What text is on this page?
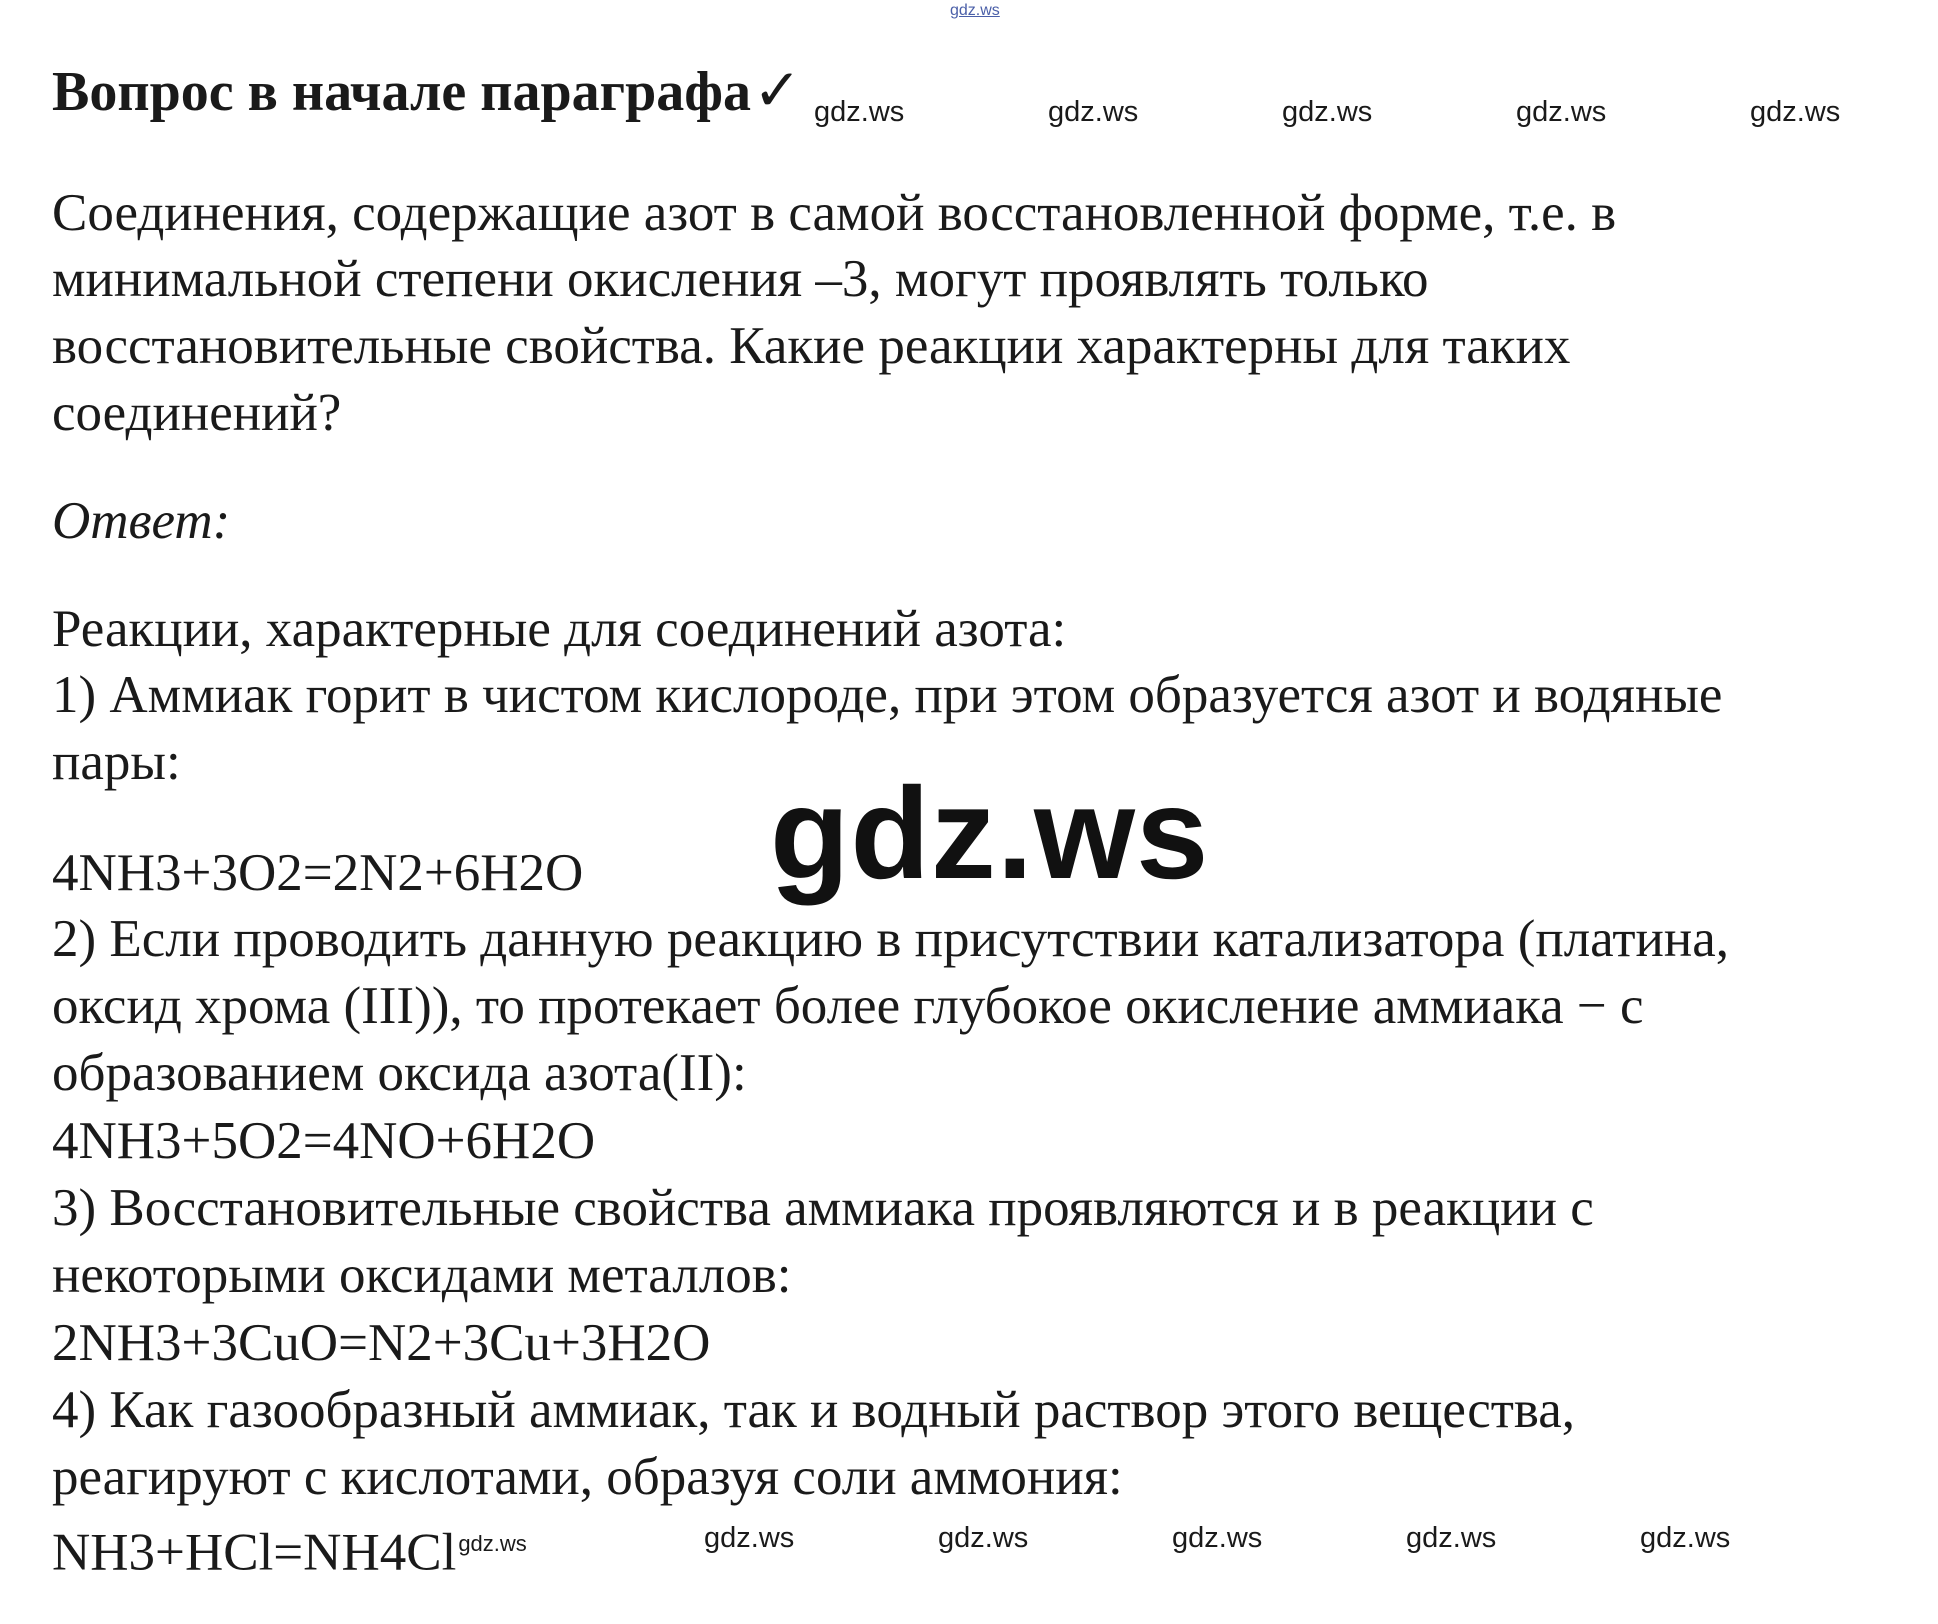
gdz.ws
Вопрос в начале параграфа✓ gdz.ws	gdz.ws	gdz.ws	gdz.ws	gdz.ws
Соединения, содержащие азот в самой восстановленной форме, т.е. в
минимальной степени окисления –3, могут проявлять только
восстановительные свойства. Какие реакции характерны для таких
соединений?
Ответ:
Реакции, характерные для соединений азота:
1) Аммиак горит в чистом кислороде, при этом образуется азот и водяные
пары:	gdz.ws
4NH3+3O2=2N2+6H2O
2) Если проводить данную реакцию в присутствии катализатора (платина,
оксид хрома (III)), то протекает более глубокое окисление аммиака − с
образованием оксида азота(II):
4NH3+5O2=4NO+6H2O
3) Восстановительные свойства аммиака проявляются и в реакции с
некоторыми оксидами металлов:
2NH3+3CuO=N2+3Cu+3H2O
4) Как газообразный аммиак, так и водный раствор этого вещества,
реагируют с кислотами, образуя соли аммония:
$NH3+HCl=NH4Cl^{gdz.ws}$	gdz.ws	gdz.ws	gdz.ws	gdz.ws	gdz.ws
